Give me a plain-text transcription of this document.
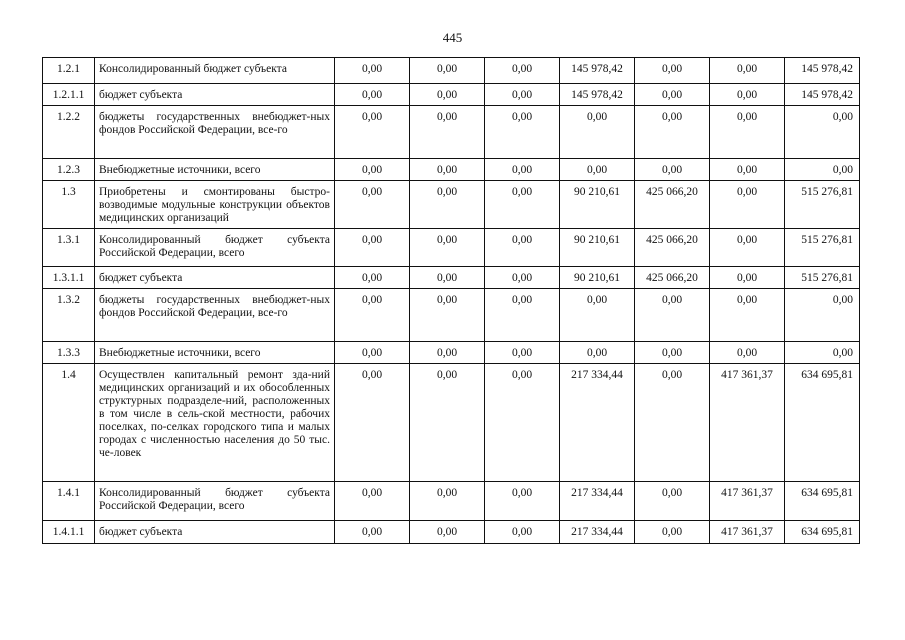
445
1.2.1	Консолидированный бюджет субъекта	0,00	0,00	0,00	145 978,42	0,00	0,00	145 978,42
1.2.1.1	бюджет субъекта	0,00	0,00	0,00	145 978,42	0,00	0,00	145 978,42
1.2.2	бюджеты государственных внебюджет-ных фондов Российской Федерации, все-го	0,00	0,00	0,00	0,00	0,00	0,00	0,00
1.2.3	Внебюджетные источники, всего	0,00	0,00	0,00	0,00	0,00	0,00	0,00
1.3	Приобретены и смонтированы быстро-возводимые модульные конструкции объектов медицинских организаций	0,00	0,00	0,00	90 210,61	425 066,20	0,00	515 276,81
1.3.1	Консолидированный бюджет субъекта Российской Федерации, всего	0,00	0,00	0,00	90 210,61	425 066,20	0,00	515 276,81
1.3.1.1	бюджет субъекта	0,00	0,00	0,00	90 210,61	425 066,20	0,00	515 276,81
1.3.2	бюджеты государственных внебюджет-ных фондов Российской Федерации, все-го	0,00	0,00	0,00	0,00	0,00	0,00	0,00
1.3.3	Внебюджетные источники, всего	0,00	0,00	0,00	0,00	0,00	0,00	0,00
1.4	Осуществлен капитальный ремонт зда-ний медицинских организаций и их обособленных структурных подразделе-ний, расположенных в том числе в сель-ской местности, рабочих поселках, по-селках городского типа и малых городах с численностью населения до 50 тыс. че-ловек	0,00	0,00	0,00	217 334,44	0,00	417 361,37	634 695,81
1.4.1	Консолидированный бюджет субъекта Российской Федерации, всего	0,00	0,00	0,00	217 334,44	0,00	417 361,37	634 695,81
1.4.1.1	бюджет субъекта	0,00	0,00	0,00	217 334,44	0,00	417 361,37	634 695,81
